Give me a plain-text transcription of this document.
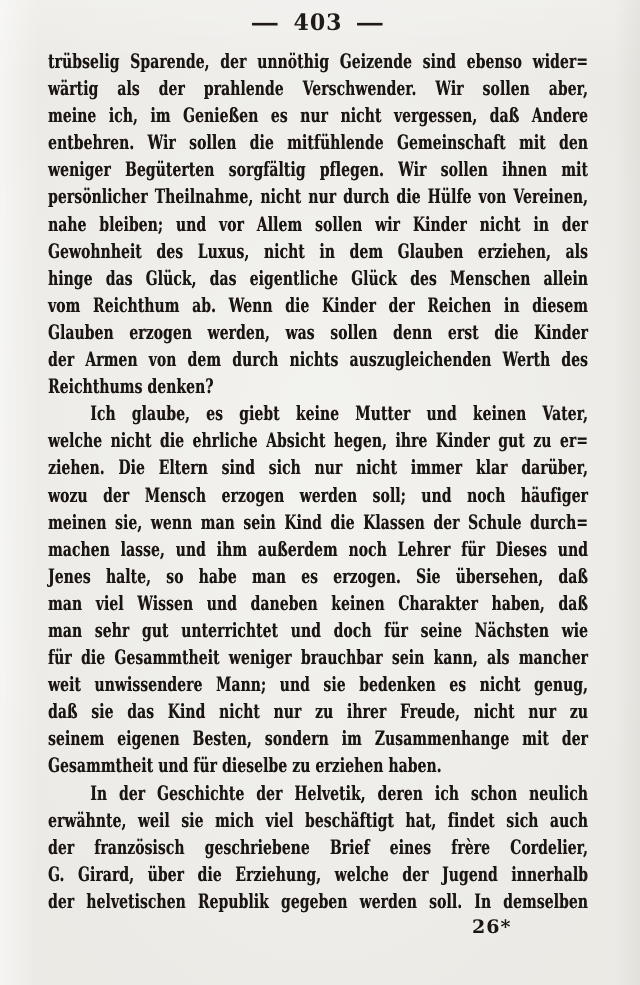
— 403 —
trübselig Sparende, der unnöthig Geizende sind ebenso wider=
wärtig als der prahlende Verschwender. Wir sollen aber,
meine ich, im Genießen es nur nicht vergessen, daß Andere
entbehren. Wir sollen die mitfühlende Gemeinschaft mit den
weniger Begüterten sorgfältig pflegen. Wir sollen ihnen mit
persönlicher Theilnahme, nicht nur durch die Hülfe von Vereinen,
nahe bleiben; und vor Allem sollen wir Kinder nicht in der
Gewohnheit des Luxus, nicht in dem Glauben erziehen, als
hinge das Glück, das eigentliche Glück des Menschen allein
vom Reichthum ab. Wenn die Kinder der Reichen in diesem
Glauben erzogen werden, was sollen denn erst die Kinder
der Armen von dem durch nichts auszugleichenden Werth des
Reichthums denken?
Ich glaube, es giebt keine Mutter und keinen Vater,
welche nicht die ehrliche Absicht hegen, ihre Kinder gut zu er=
ziehen. Die Eltern sind sich nur nicht immer klar darüber,
wozu der Mensch erzogen werden soll; und noch häufiger
meinen sie, wenn man sein Kind die Klassen der Schule durch=
machen lasse, und ihm außerdem noch Lehrer für Dieses und
Jenes halte, so habe man es erzogen. Sie übersehen, daß
man viel Wissen und daneben keinen Charakter haben, daß
man sehr gut unterrichtet und doch für seine Nächsten wie
für die Gesammtheit weniger brauchbar sein kann, als mancher
weit unwissendere Mann; und sie bedenken es nicht genug,
daß sie das Kind nicht nur zu ihrer Freude, nicht nur zu
seinem eigenen Besten, sondern im Zusammenhange mit der
Gesammtheit und für dieselbe zu erziehen haben.
In der Geschichte der Helvetik, deren ich schon neulich
erwähnte, weil sie mich viel beschäftigt hat, findet sich auch
der französisch geschriebene Brief eines frère Cordelier,
G. Girard, über die Erziehung, welche der Jugend innerhalb
der helvetischen Republik gegeben werden soll. In demselben
26*
